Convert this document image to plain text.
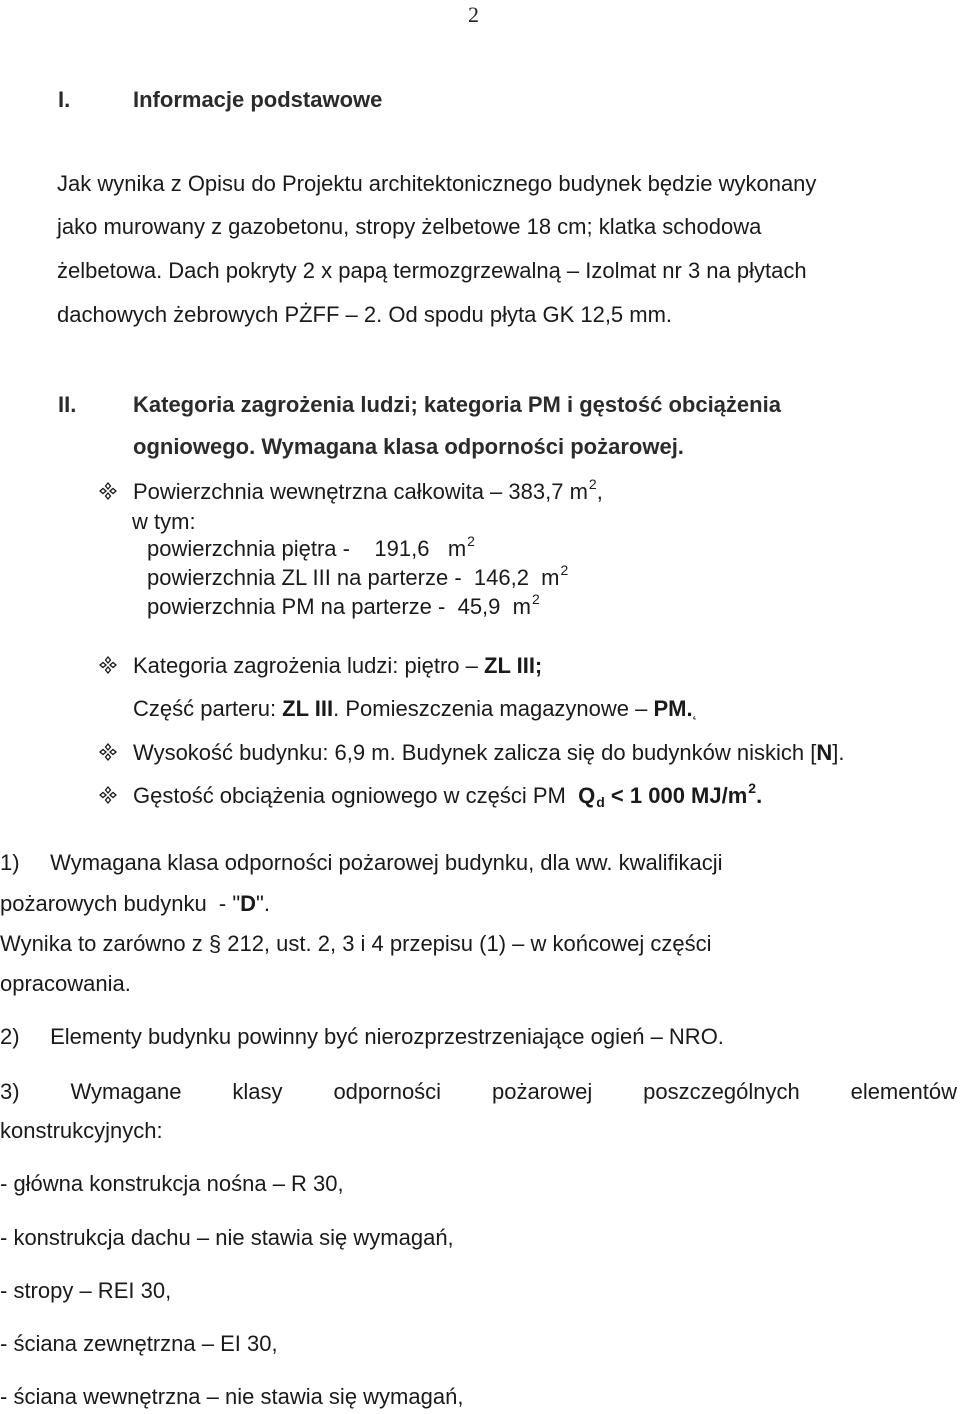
2
I.	Informacje podstawowe
Jak wynika z Opisu do Projektu architektonicznego budynek będzie wykonany
jako murowany z gazobetonu, stropy żelbetowe 18 cm; klatka schodowa
żelbetowa. Dach pokryty 2 x papą termozgrzewalną – Izolmat nr 3 na płytach
dachowych żebrowych PŻFF – 2. Od spodu płyta GK 12,5 mm.
II.	Kategoria zagrożenia ludzi; kategoria PM i gęstość obciążenia
ogniowego. Wymagana klasa odporności pożarowej.
Powierzchnia wewnętrzna całkowita – 383,7 $m^2$,
w tym:
powierzchnia piętra -    191,6   $m^2$
powierzchnia ZL III na parterze -  146,2  $m^2$
powierzchnia PM na parterze -  45,9  $m^2$
Kategoria zagrożenia ludzi: piętro – ZL III;
Część parteru: ZL III. Pomieszczenia magazynowe – PM.˛
Wysokość budynku: 6,9 m. Budynek zalicza się do budynków niskich [N].
Gęstość obciążenia ogniowego w części PM  $Q_d < 1$ 000 $MJ/m^2$.
1)     Wymagana klasa odporności pożarowej budynku, dla ww. kwalifikacji
pożarowych budynku  - "D".
Wynika to zarówno z § 212, ust. 2, 3 i 4 przepisu (1) – w końcowej części
opracowania.
2)     Elementy budynku powinny być nierozprzestrzeniające ogień – NRO.
3) Wymagane klasy odporności pożarowej poszczególnych elementów
konstrukcyjnych:
- główna konstrukcja nośna – R 30,
- konstrukcja dachu – nie stawia się wymagań,
- stropy – REI 30,
- ściana zewnętrzna – EI 30,
- ściana wewnętrzna – nie stawia się wymagań,
